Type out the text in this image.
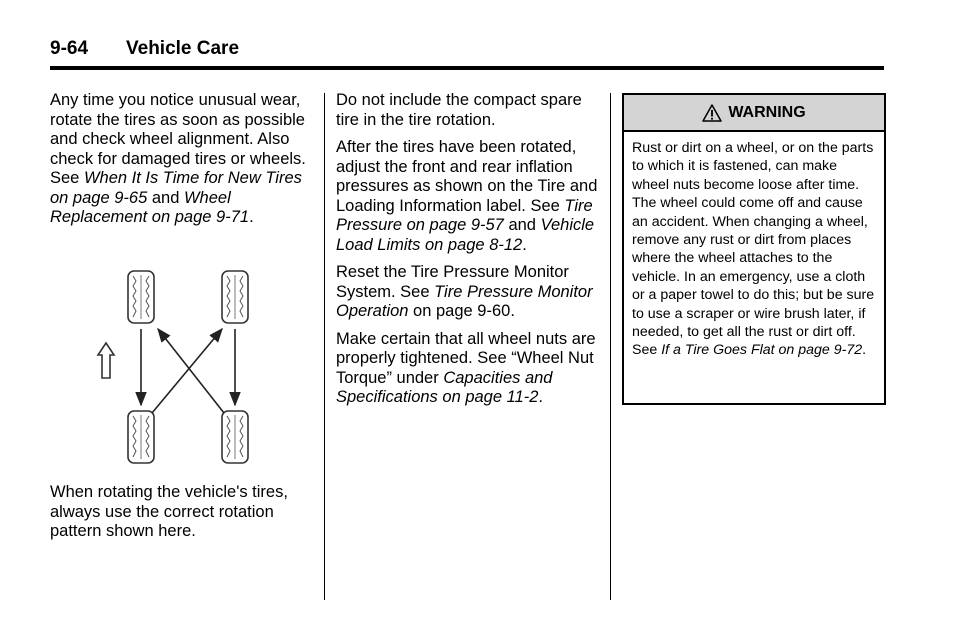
9-64 Vehicle Care

Any time you notice unusual wear, rotate the tires as soon as possible and check wheel alignment. Also check for damaged tires or wheels. See When It Is Time for New Tires on page 9-65 and Wheel Replacement on page 9-71.

When rotating the vehicle's tires, always use the correct rotation pattern shown here.

Do not include the compact spare tire in the tire rotation.

After the tires have been rotated, adjust the front and rear inflation pressures as shown on the Tire and Loading Information label. See Tire Pressure on page 9-57 and Vehicle Load Limits on page 8-12.

Reset the Tire Pressure Monitor System. See Tire Pressure Monitor Operation on page 9-60.

Make certain that all wheel nuts are properly tightened. See “Wheel Nut Torque” under Capacities and Specifications on page 11-2.

WARNING
Rust or dirt on a wheel, or on the parts to which it is fastened, can make wheel nuts become loose after time. The wheel could come off and cause an accident. When changing a wheel, remove any rust or dirt from places where the wheel attaches to the vehicle. In an emergency, use a cloth or a paper towel to do this; but be sure to use a scraper or wire brush later, if needed, to get all the rust or dirt off. See If a Tire Goes Flat on page 9-72.
